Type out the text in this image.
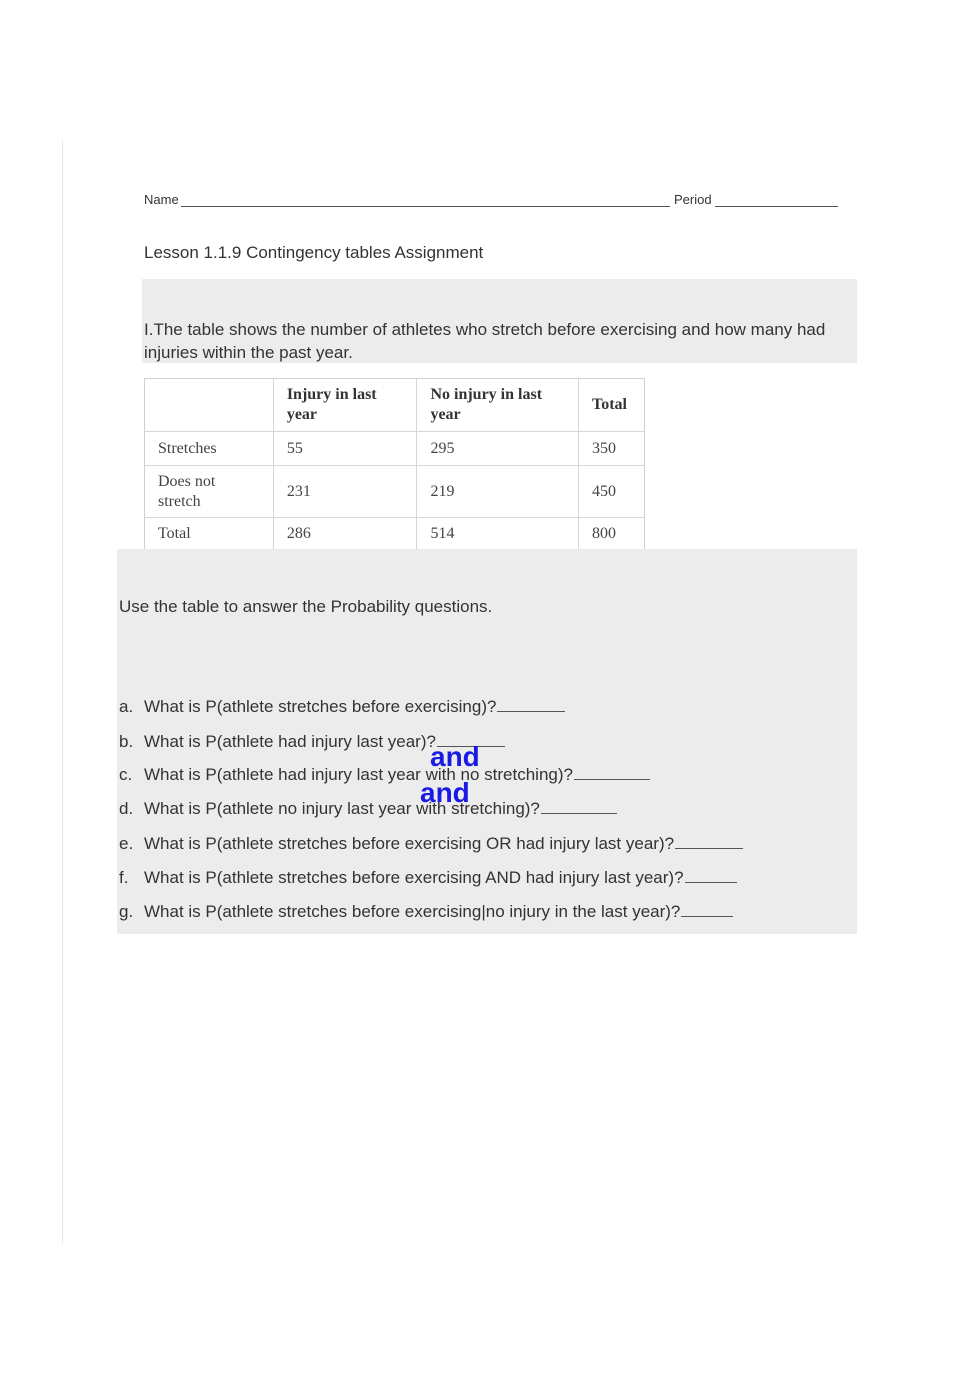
Name	Period
Lesson 1.1.9 Contingency tables Assignment
I.The table shows the number of athletes who stretch before exercising and how many had injuries within the past year.
	Injury in last year	No injury in last year	Total
Stretches	55	295	350
Does not stretch	231	219	450
Total	286	514	800
Use the table to answer the Probability questions.
a. What is P(athlete stretches before exercising)?
b. What is P(athlete had injury last year)?
c. What is P(athlete had injury last year with no stretching)?
d. What is P(athlete no injury last year with stretching)?
e. What is P(athlete stretches before exercising OR had injury last year)?
f. What is P(athlete stretches before exercising AND had injury last year)?
g. What is P(athlete stretches before exercising|no injury in the last year)?
and
and
